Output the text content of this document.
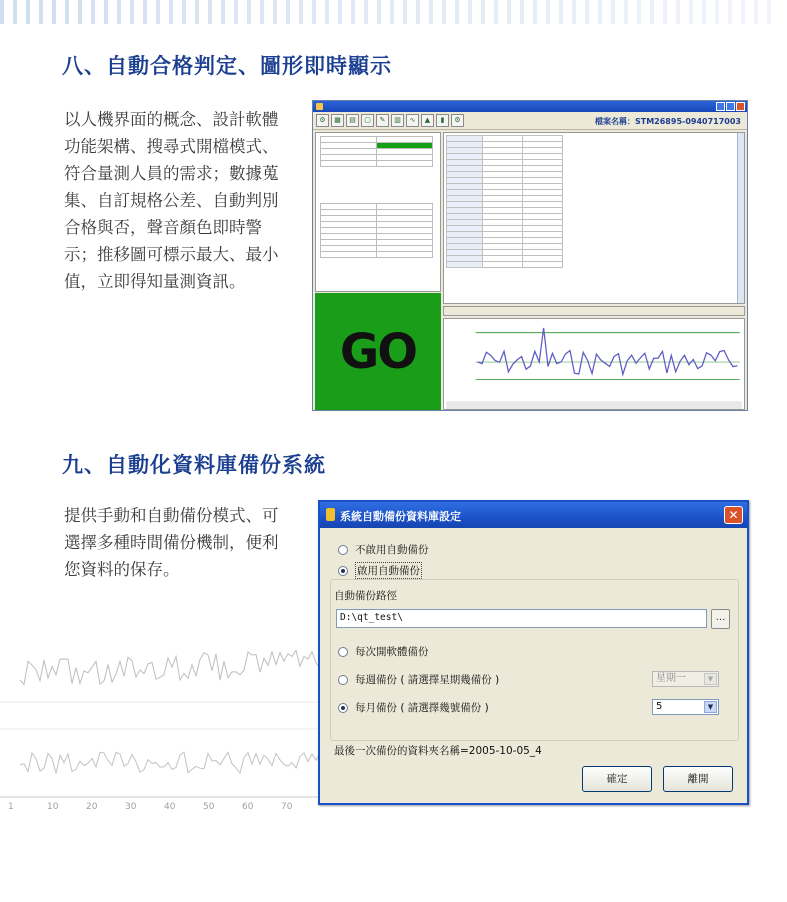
八、自動合格判定、圖形即時顯示
以人機界面的概念、設計軟體功能架構、搜尋式開檔模式、符合量測人員的需求；數據蒐集、自訂規格公差、自動判別合格與否，聲音顏色即時警示；推移圖可標示最大、最小值，立即得知量測資訊。
⚙	▦	▤	▢	✎	▥	∿	▲	▮	⚙	檔案名稱：STM26895-0940717003

GO

九、自動化資料庫備份系統
提供手動和自動備份模式、可選擇多種時間備份機制，便利您資料的保存。
1	10	20	30	40	50	60	70
系統自動備份資料庫設定	✕
不啟用自動備份
啟用自動備份
自動備份路徑
D:\qt_test\	...
每次開軟體備份
每週備份 ( 請選擇星期幾備份 )	星期一	▼
每月備份 ( 請選擇幾號備份 )	5	▼
最後一次備份的資料夾名稱=2005-10-05_4
確定	離開
